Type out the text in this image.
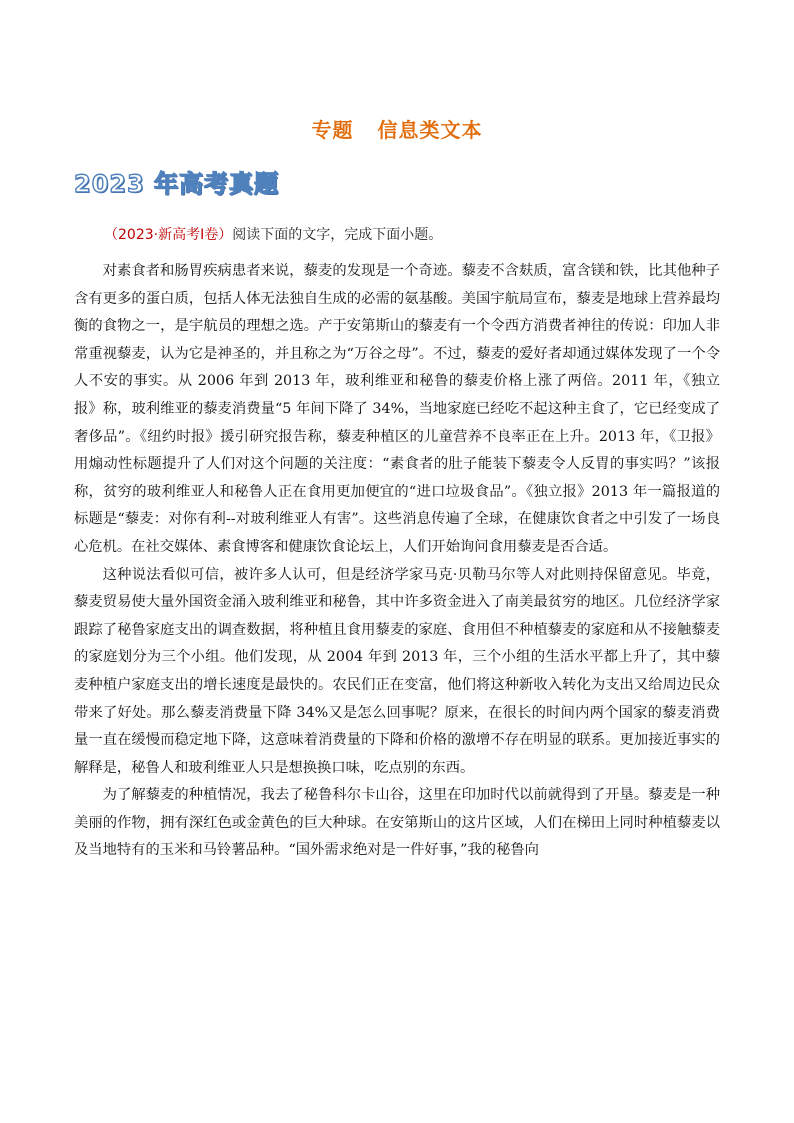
专题 信息类文本
2023 年高考真题
（2023·新高考Ⅰ卷）阅读下面的文字，完成下面小题。

对素食者和肠胃疾病患者来说，藜麦的发现是一个奇迹。藜麦不含麸质，富含镁和铁，比其他种子含有更多的蛋白质，包括人体无法独自生成的必需的氨基酸。美国宇航局宣布，藜麦是地球上营养最均衡的食物之一，是宇航员的理想之选。产于安第斯山的藜麦有一个令西方消费者神往的传说：印加人非常重视藜麦，认为它是神圣的，并且称之为“万谷之母”。不过，藜麦的爱好者却通过媒体发现了一个令人不安的事实。从 2006 年到 2013 年，玻利维亚和秘鲁的藜麦价格上涨了两倍。2011 年，《独立报》称，玻利维亚的藜麦消费量“5 年间下降了 34%，当地家庭已经吃不起这种主食了，它已经变成了奢侈品”。《纽约时报》援引研究报告称，藜麦种植区的儿童营养不良率正在上升。2013 年，《卫报》用煽动性标题提升了人们对这个问题的关注度：“素食者的肚子能装下藜麦令人反胃的事实吗？”该报称，贫穷的玻利维亚人和秘鲁人正在食用更加便宜的“进口垃圾食品”。《独立报》2013 年一篇报道的标题是“藜麦：对你有利--对玻利维亚人有害”。这些消息传遍了全球，在健康饮食者之中引发了一场良心危机。在社交媒体、素食博客和健康饮食论坛上，人们开始询问食用藜麦是否合适。

这种说法看似可信，被许多人认可，但是经济学家马克·贝勒马尔等人对此则持保留意见。毕竟，藜麦贸易使大量外国资金涌入玻利维亚和秘鲁，其中许多资金进入了南美最贫穷的地区。几位经济学家跟踪了秘鲁家庭支出的调查数据，将种植且食用藜麦的家庭、食用但不种植藜麦的家庭和从不接触藜麦的家庭划分为三个小组。他们发现，从 2004 年到 2013 年，三个小组的生活水平都上升了，其中藜麦种植户家庭支出的增长速度是最快的。农民们正在变富，他们将这种新收入转化为支出又给周边民众带来了好处。那么藜麦消费量下降 34%又是怎么回事呢？原来，在很长的时间内两个国家的藜麦消费量一直在缓慢而稳定地下降，这意味着消费量的下降和价格的激增不存在明显的联系。更加接近事实的解释是，秘鲁人和玻利维亚人只是想换换口味，吃点别的东西。

为了解藜麦的种植情况，我去了秘鲁科尔卡山谷，这里在印加时代以前就得到了开垦。藜麦是一种美丽的作物，拥有深红色或金黄色的巨大种球。在安第斯山的这片区域，人们在梯田上同时种植藜麦以及当地特有的玉米和马铃薯品种。“国外需求绝对是一件好事，”我的秘鲁向
